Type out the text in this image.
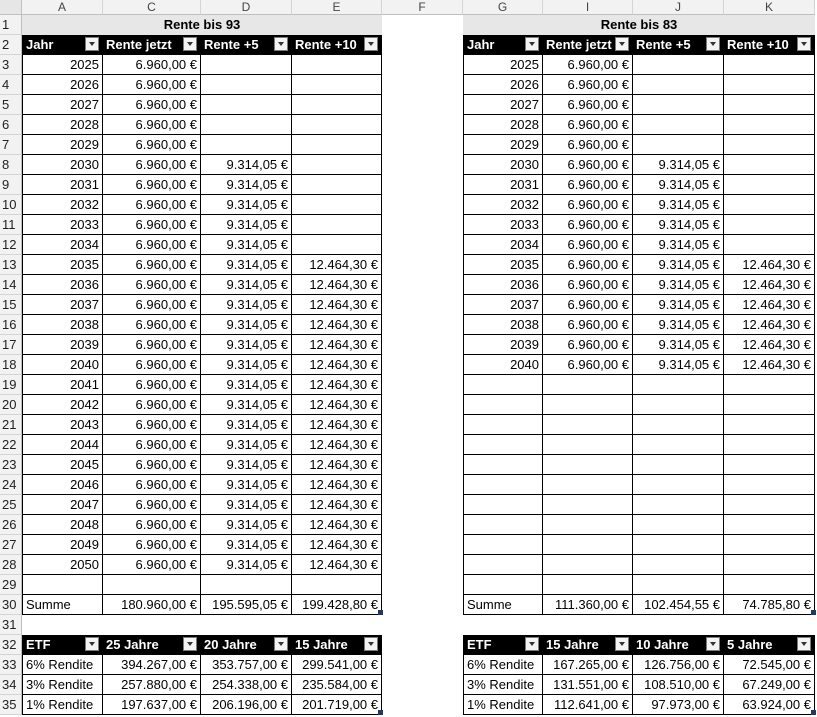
A	C	D	E	F	G	I	J	K
1
2
3
4
5
6
7
8
9
10
11
12
13
14
15
16
17
18
19
20
21
22
23
24
25
26
27
28
29
30
31
32
33
34
35
Rente bis 93
Jahr	Rente jetzt	Rente +5	Rente +10
2025	6.960,00 €
2026	6.960,00 €
2027	6.960,00 €
2028	6.960,00 €
2029	6.960,00 €
2030	6.960,00 €	9.314,05 €
2031	6.960,00 €	9.314,05 €
2032	6.960,00 €	9.314,05 €
2033	6.960,00 €	9.314,05 €
2034	6.960,00 €	9.314,05 €
2035	6.960,00 €	9.314,05 €	12.464,30 €
2036	6.960,00 €	9.314,05 €	12.464,30 €
2037	6.960,00 €	9.314,05 €	12.464,30 €
2038	6.960,00 €	9.314,05 €	12.464,30 €
2039	6.960,00 €	9.314,05 €	12.464,30 €
2040	6.960,00 €	9.314,05 €	12.464,30 €
2041	6.960,00 €	9.314,05 €	12.464,30 €
2042	6.960,00 €	9.314,05 €	12.464,30 €
2043	6.960,00 €	9.314,05 €	12.464,30 €
2044	6.960,00 €	9.314,05 €	12.464,30 €
2045	6.960,00 €	9.314,05 €	12.464,30 €
2046	6.960,00 €	9.314,05 €	12.464,30 €
2047	6.960,00 €	9.314,05 €	12.464,30 €
2048	6.960,00 €	9.314,05 €	12.464,30 €
2049	6.960,00 €	9.314,05 €	12.464,30 €
2050	6.960,00 €	9.314,05 €	12.464,30 €
Summe	180.960,00 €	195.595,05 €	199.428,80 €
ETF	25 Jahre	20 Jahre	15 Jahre
6% Rendite	394.267,00 €	353.757,00 €	299.541,00 €
3% Rendite	257.880,00 €	254.338,00 €	235.584,00 €
1% Rendite	197.637,00 €	206.196,00 €	201.719,00 €
Rente bis 83
Jahr	Rente jetzt	Rente +5	Rente +10
2025	6.960,00 €
2026	6.960,00 €
2027	6.960,00 €
2028	6.960,00 €
2029	6.960,00 €
2030	6.960,00 €	9.314,05 €
2031	6.960,00 €	9.314,05 €
2032	6.960,00 €	9.314,05 €
2033	6.960,00 €	9.314,05 €
2034	6.960,00 €	9.314,05 €
2035	6.960,00 €	9.314,05 €	12.464,30 €
2036	6.960,00 €	9.314,05 €	12.464,30 €
2037	6.960,00 €	9.314,05 €	12.464,30 €
2038	6.960,00 €	9.314,05 €	12.464,30 €
2039	6.960,00 €	9.314,05 €	12.464,30 €
2040	6.960,00 €	9.314,05 €	12.464,30 €
Summe	111.360,00 €	102.454,55 €	74.785,80 €
ETF	15 Jahre	10 Jahre	5 Jahre
6% Rendite	167.265,00 €	126.756,00 €	72.545,00 €
3% Rendite	131.551,00 €	108.510,00 €	67.249,00 €
1% Rendite	112.641,00 €	97.973,00 €	63.924,00 €
